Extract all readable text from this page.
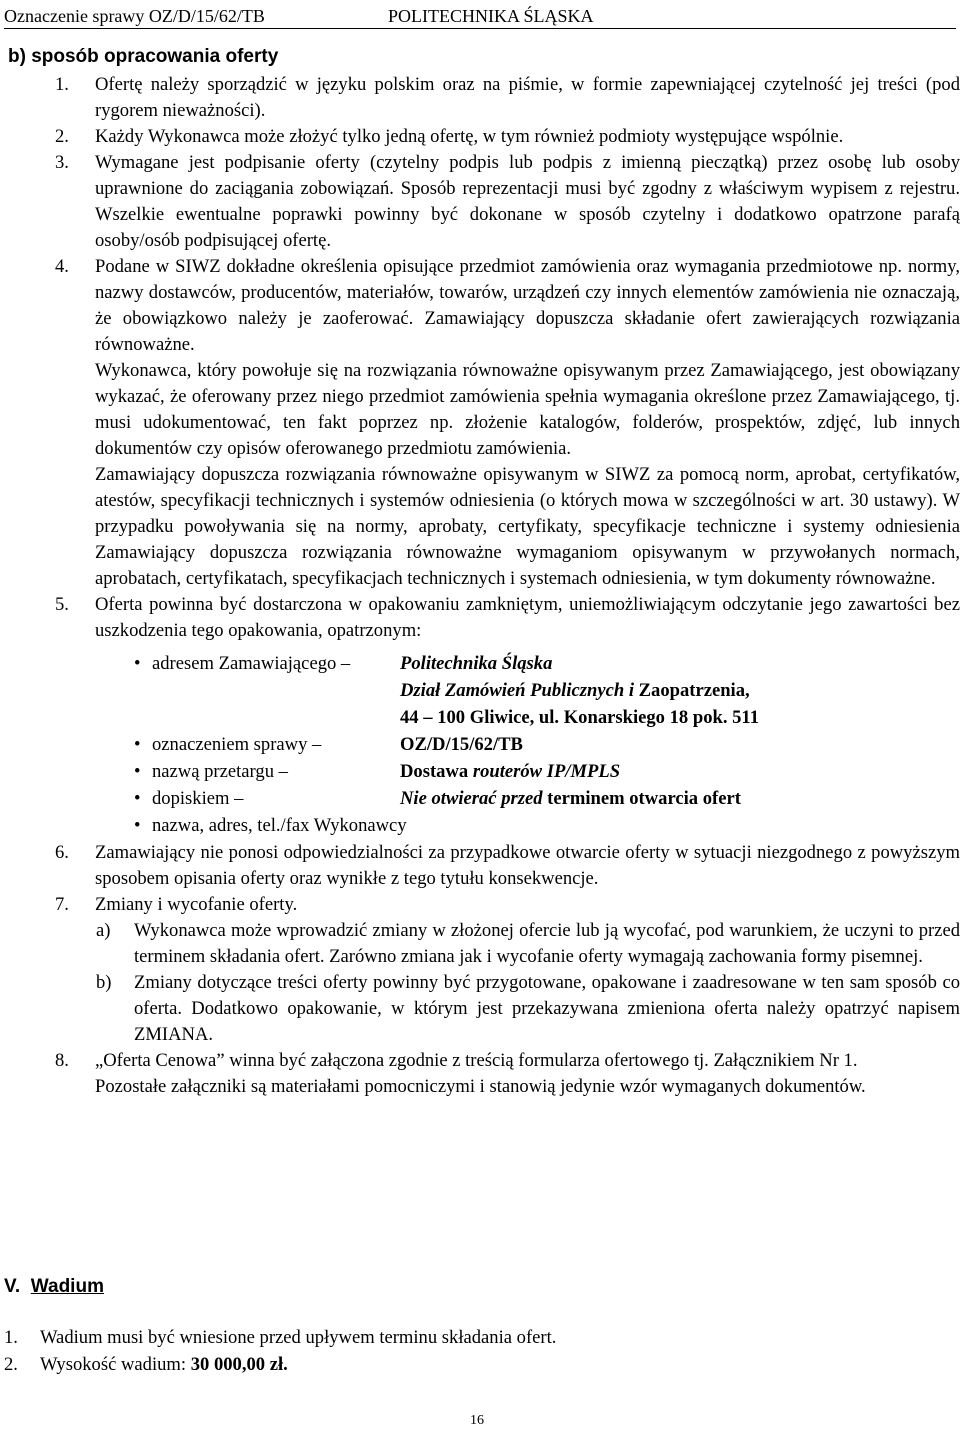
Oznaczenie sprawy OZ/D/15/62/TB	POLITECHNIKA ŚLĄSKA
b) sposób opracowania oferty
1. Ofertę należy sporządzić w języku polskim oraz na piśmie, w formie zapewniającej czytelność jej treści (pod rygorem nieważności).
2. Każdy Wykonawca może złożyć tylko jedną ofertę, w tym również podmioty występujące wspólnie.
3. Wymagane jest podpisanie oferty (czytelny podpis lub podpis z imienną pieczątką) przez osobę lub osoby uprawnione do zaciągania zobowiązań. Sposób reprezentacji musi być zgodny z właściwym wypisem z rejestru. Wszelkie ewentualne poprawki powinny być dokonane w sposób czytelny i dodatkowo opatrzone parafą osoby/osób podpisującej ofertę.
4. Podane w SIWZ dokładne określenia opisujące przedmiot zamówienia oraz wymagania przedmiotowe np. normy, nazwy dostawców, producentów, materiałów, towarów, urządzeń czy innych elementów zamówienia nie oznaczają, że obowiązkowo należy je zaoferować. Zamawiający dopuszcza składanie ofert zawierających rozwiązania równoważne.
Wykonawca, który powołuje się na rozwiązania równoważne opisywanym przez Zamawiającego, jest obowiązany wykazać, że oferowany przez niego przedmiot zamówienia spełnia wymagania określone przez Zamawiającego, tj. musi udokumentować, ten fakt poprzez np. złożenie katalogów, folderów, prospektów, zdjęć, lub innych dokumentów czy opisów oferowanego przedmiotu zamówienia.
Zamawiający dopuszcza rozwiązania równoważne opisywanym w SIWZ za pomocą norm, aprobat, certyfikatów, atestów, specyfikacji technicznych i systemów odniesienia (o których mowa w szczególności w art. 30 ustawy). W przypadku powoływania się na normy, aprobaty, certyfikaty, specyfikacje techniczne i systemy odniesienia Zamawiający dopuszcza rozwiązania równoważne wymaganiom opisywanym w przywołanych normach, aprobatach, certyfikatach, specyfikacjach technicznych i systemach odniesienia, w tym dokumenty równoważne.
5. Oferta powinna być dostarczona w opakowaniu zamkniętym, uniemożliwiającym odczytanie jego zawartości bez uszkodzenia tego opakowania, opatrzonym:
• adresem Zamawiającego –	Politechnika Śląska
Dział Zamówień Publicznych i Zaopatrzenia,
44 – 100 Gliwice, ul. Konarskiego 18 pok. 511
• oznaczeniem sprawy –	OZ/D/15/62/TB
• nazwą przetargu –	Dostawa routerów IP/MPLS
• dopiskiem –	Nie otwierać przed terminem otwarcia ofert
• nazwa, adres, tel./fax Wykonawcy
6. Zamawiający nie ponosi odpowiedzialności za przypadkowe otwarcie oferty w sytuacji niezgodnego z powyższym sposobem opisania oferty oraz wynikłe z tego tytułu konsekwencje.
7. Zmiany i wycofanie oferty.
a) Wykonawca może wprowadzić zmiany w złożonej ofercie lub ją wycofać, pod warunkiem, że uczyni to przed terminem składania ofert. Zarówno zmiana jak i wycofanie oferty wymagają zachowania formy pisemnej.
b) Zmiany dotyczące treści oferty powinny być przygotowane, opakowane i zaadresowane w ten sam sposób co oferta. Dodatkowo opakowanie, w którym jest przekazywana zmieniona oferta należy opatrzyć napisem ZMIANA.
8. „Oferta Cenowa” winna być załączona zgodnie z treścią formularza ofertowego tj. Załącznikiem Nr 1.
Pozostałe załączniki są materiałami pomocniczymi i stanowią jedynie wzór wymaganych dokumentów.
V. Wadium
1. Wadium musi być wniesione przed upływem terminu składania ofert.
2. Wysokość wadium: 30 000,00 zł.
16
